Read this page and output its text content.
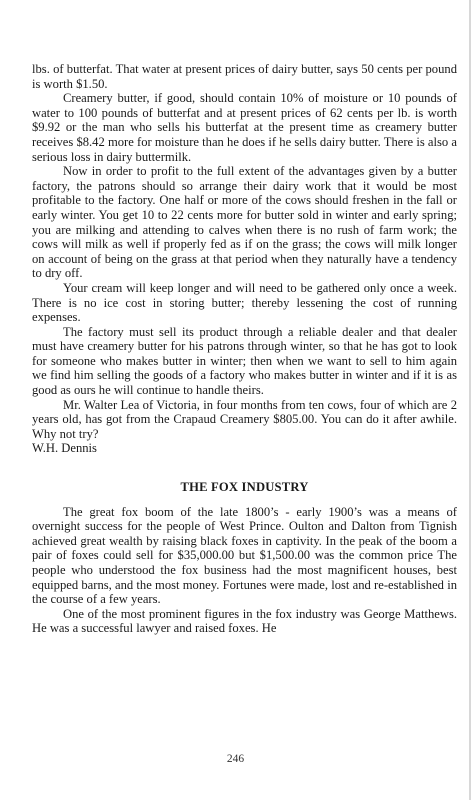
lbs. of butterfat. That water at present prices of dairy butter, says 50 cents per pound is worth $1.50.

Creamery butter, if good, should contain 10% of moisture or 10 pounds of water to 100 pounds of butterfat and at present prices of 62 cents per lb. is worth $9.92 or the man who sells his butterfat at the present time as creamery butter receives $8.42 more for moisture than he does if he sells dairy butter. There is also a serious loss in dairy buttermilk.

Now in order to profit to the full extent of the advantages given by a butter factory, the patrons should so arrange their dairy work that it would be most profitable to the factory. One half or more of the cows should freshen in the fall or early winter. You get 10 to 22 cents more for butter sold in winter and early spring; you are milking and attending to calves when there is no rush of farm work; the cows will milk as well if properly fed as if on the grass; the cows will milk longer on account of being on the grass at that period when they naturally have a tendency to dry off.

Your cream will keep longer and will need to be gathered only once a week. There is no ice cost in storing butter; thereby lessening the cost of running expenses.

The factory must sell its product through a reliable dealer and that dealer must have creamery butter for his patrons through winter, so that he has got to look for someone who makes butter in winter; then when we want to sell to him again we find him selling the goods of a factory who makes butter in winter and if it is as good as ours he will continue to handle theirs.

Mr. Walter Lea of Victoria, in four months from ten cows, four of which are 2 years old, has got from the Crapaud Creamery $805.00. You can do it after awhile. Why not try?

W.H. Dennis

THE FOX INDUSTRY

The great fox boom of the late 1800’s - early 1900’s was a means of overnight success for the people of West Prince. Oulton and Dalton from Tignish achieved great wealth by raising black foxes in captivity. In the peak of the boom a pair of foxes could sell for $35,000.00 but $1,500.00 was the common price The people who understood the fox business had the most magnificent houses, best equipped barns, and the most money. Fortunes were made, lost and re-established in the course of a few years.

One of the most prominent figures in the fox industry was George Matthews. He was a successful lawyer and raised foxes. He

246
